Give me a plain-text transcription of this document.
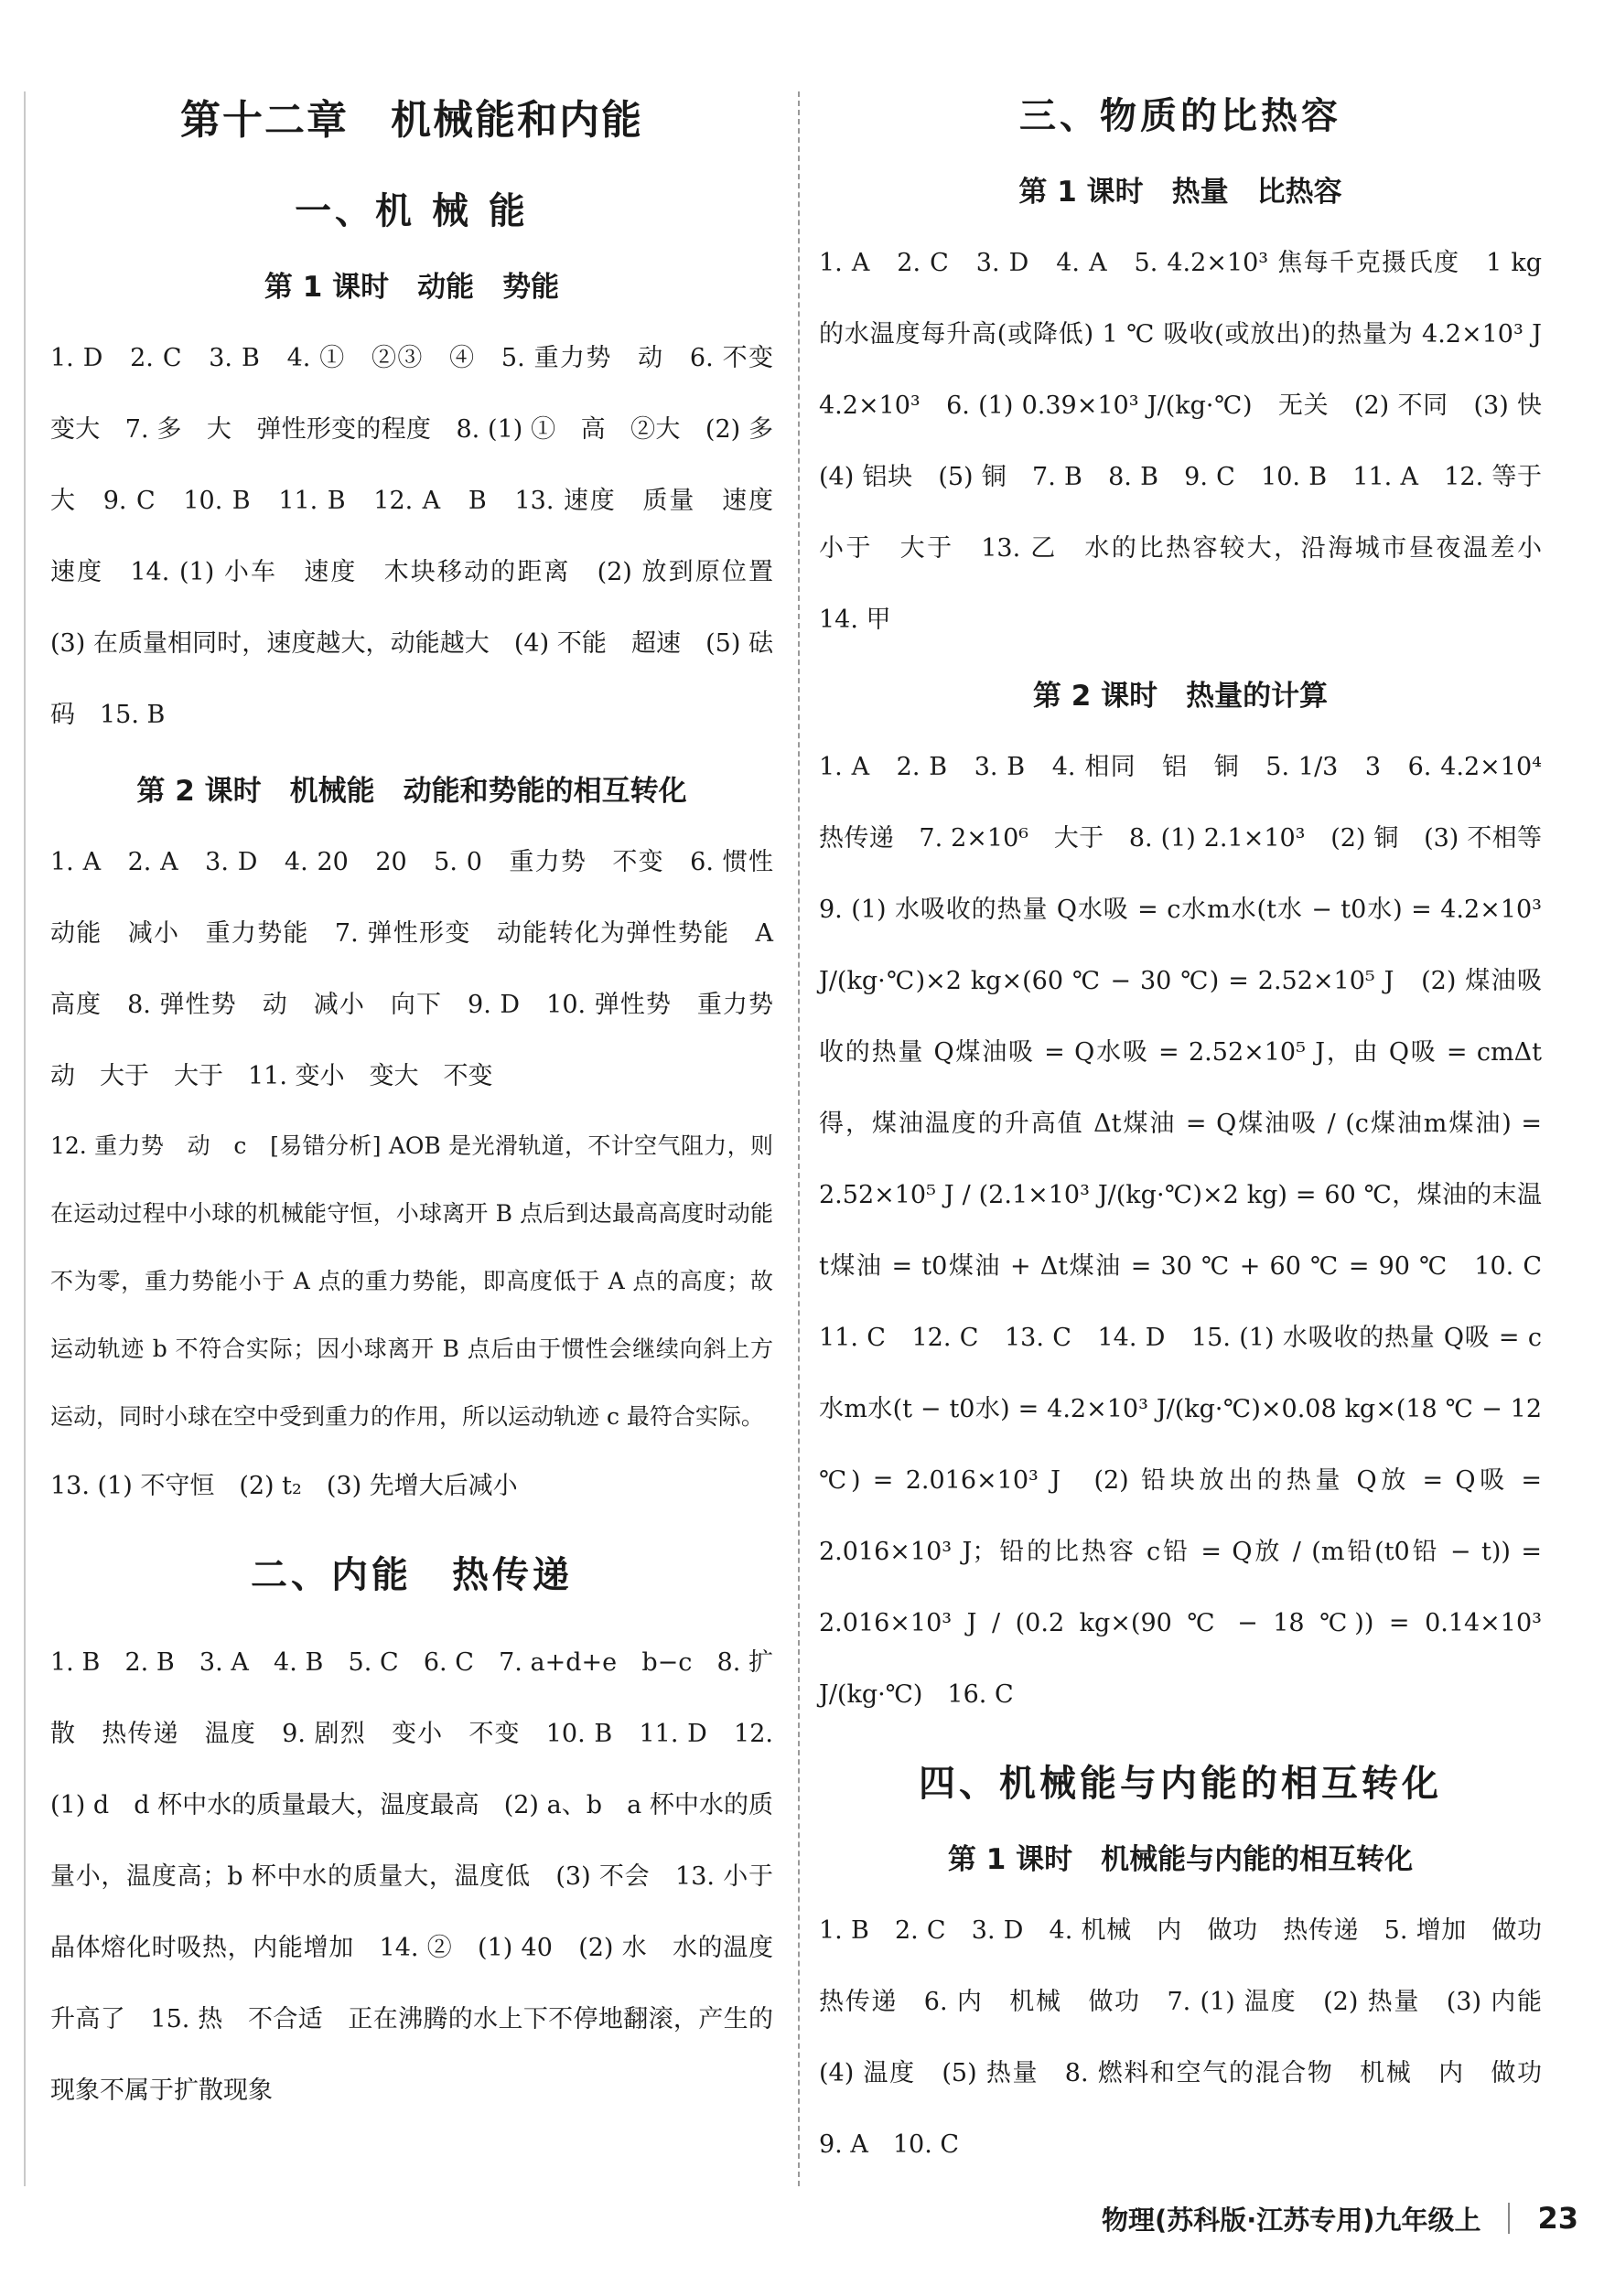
第十二章　机械能和内能
一、机 械 能
第 1 课时　动能　势能

1. D　2. C　3. B　4. ①　②③　④　5. 重力势　动　6. 不变　变大　7. 多　大　弹性形变的程度　8. (1) ①　高　②大　(2) 多　大　9. C　10. B　11. B　12. A　B　13. 速度　质量　速度　速度　14. (1) 小车　速度　木块移动的距离　(2) 放到原位置　(3) 在质量相同时，速度越大，动能越大　(4) 不能　超速　(5) 砝码　15. B

第 2 课时　机械能　动能和势能的相互转化

1. A　2. A　3. D　4. 20　20　5. 0　重力势　不变　6. 惯性　动能　减小　重力势能　7. 弹性形变　动能转化为弹性势能　A　高度　8. 弹性势　动　减小　向下　9. D　10. 弹性势　重力势　动　大于　大于　11. 变小　变大　不变

12. 重力势　动　c　[易错分析] AOB 是光滑轨道，不计空气阻力，则在运动过程中小球的机械能守恒，小球离开 B 点后到达最高高度时动能不为零，重力势能小于 A 点的重力势能，即高度低于 A 点的高度；故运动轨迹 b 不符合实际；因小球离开 B 点后由于惯性会继续向斜上方运动，同时小球在空中受到重力的作用，所以运动轨迹 c 最符合实际。

13. (1) 不守恒　(2) t₂　(3) 先增大后减小

二、内能　热传递

1. B　2. B　3. A　4. B　5. C　6. C　7. a+d+e　b−c　8. 扩散　热传递　温度　9. 剧烈　变小　不变　10. B　11. D　12. (1) d　d 杯中水的质量最大，温度最高　(2) a、b　a 杯中水的质量小，温度高；b 杯中水的质量大，温度低　(3) 不会　13. 小于　晶体熔化时吸热，内能增加　14. ②　(1) 40　(2) 水　水的温度升高了　15. 热　不合适　正在沸腾的水上下不停地翻滚，产生的现象不属于扩散现象

三、物质的比热容
第 1 课时　热量　比热容

1. A　2. C　3. D　4. A　5. 4.2×10³ 焦每千克摄氏度　1 kg 的水温度每升高(或降低) 1 ℃ 吸收(或放出)的热量为 4.2×10³ J　4.2×10³　6. (1) 0.39×10³ J/(kg·℃)　无关　(2) 不同　(3) 快　(4) 铝块　(5) 铜　7. B　8. B　9. C　10. B　11. A　12. 等于　小于　大于　13. 乙　水的比热容较大，沿海城市昼夜温差小　14. 甲

第 2 课时　热量的计算

1. A　2. B　3. B　4. 相同　铝　铜　5. 1/3　3　6. 4.2×10⁴　热传递　7. 2×10⁶　大于　8. (1) 2.1×10³　(2) 铜　(3) 不相等　9. (1) 水吸收的热量 Q水吸 = c水m水(t水 − t0水) = 4.2×10³ J/(kg·℃)×2 kg×(60 ℃ − 30 ℃) = 2.52×10⁵ J　(2) 煤油吸收的热量 Q煤油吸 = Q水吸 = 2.52×10⁵ J，由 Q吸 = cmΔt 得，煤油温度的升高值 Δt煤油 = Q煤油吸 / (c煤油m煤油) = 2.52×10⁵ J / (2.1×10³ J/(kg·℃)×2 kg) = 60 ℃，煤油的末温 t煤油 = t0煤油 + Δt煤油 = 30 ℃ + 60 ℃ = 90 ℃　10. C　11. C　12. C　13. C　14. D　15. (1) 水吸收的热量 Q吸 = c水m水(t − t0水) = 4.2×10³ J/(kg·℃)×0.08 kg×(18 ℃ − 12 ℃) = 2.016×10³ J　(2) 铅块放出的热量 Q放 = Q吸 = 2.016×10³ J；铅的比热容 c铅 = Q放 / (m铅(t0铅 − t)) = 2.016×10³ J / (0.2 kg×(90 ℃ − 18 ℃)) = 0.14×10³ J/(kg·℃)　16. C

四、机械能与内能的相互转化
第 1 课时　机械能与内能的相互转化

1. B　2. C　3. D　4. 机械　内　做功　热传递　5. 增加　做功　热传递　6. 内　机械　做功　7. (1) 温度　(2) 热量　(3) 内能　(4) 温度　(5) 热量　8. 燃料和空气的混合物　机械　内　做功　9. A　10. C

物理(苏科版·江苏专用)九年级上 23
